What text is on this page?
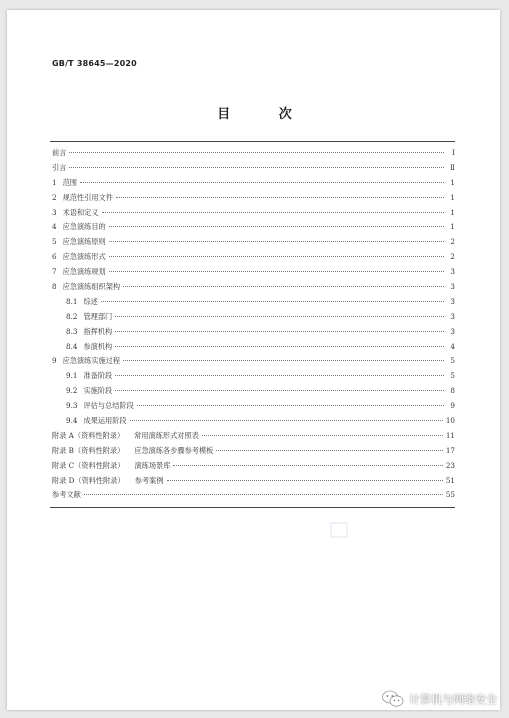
GB/T 38645—2020
目 次
前言	Ⅰ
引言	Ⅱ
1 范围	1
2 规范性引用文件	1
3 术语和定义	1
4 应急演练目的	1
5 应急演练原则	2
6 应急演练形式	2
7 应急演练规划	3
8 应急演练组织架构	3
8.1 综述	3
8.2 管理部门	3
8.3 指挥机构	3
8.4 参演机构	4
9 应急演练实施过程	5
9.1 准备阶段	5
9.2 实施阶段	8
9.3 评估与总结阶段	9
9.4 成果运用阶段	10
附录 A（资料性附录） 常用演练形式对照表	11
附录 B（资料性附录） 应急演练各步骤参考模板	17
附录 C（资料性附录） 演练场景库	23
附录 D（资料性附录） 参考案例	51
参考文献	55
计算机与网络安全
